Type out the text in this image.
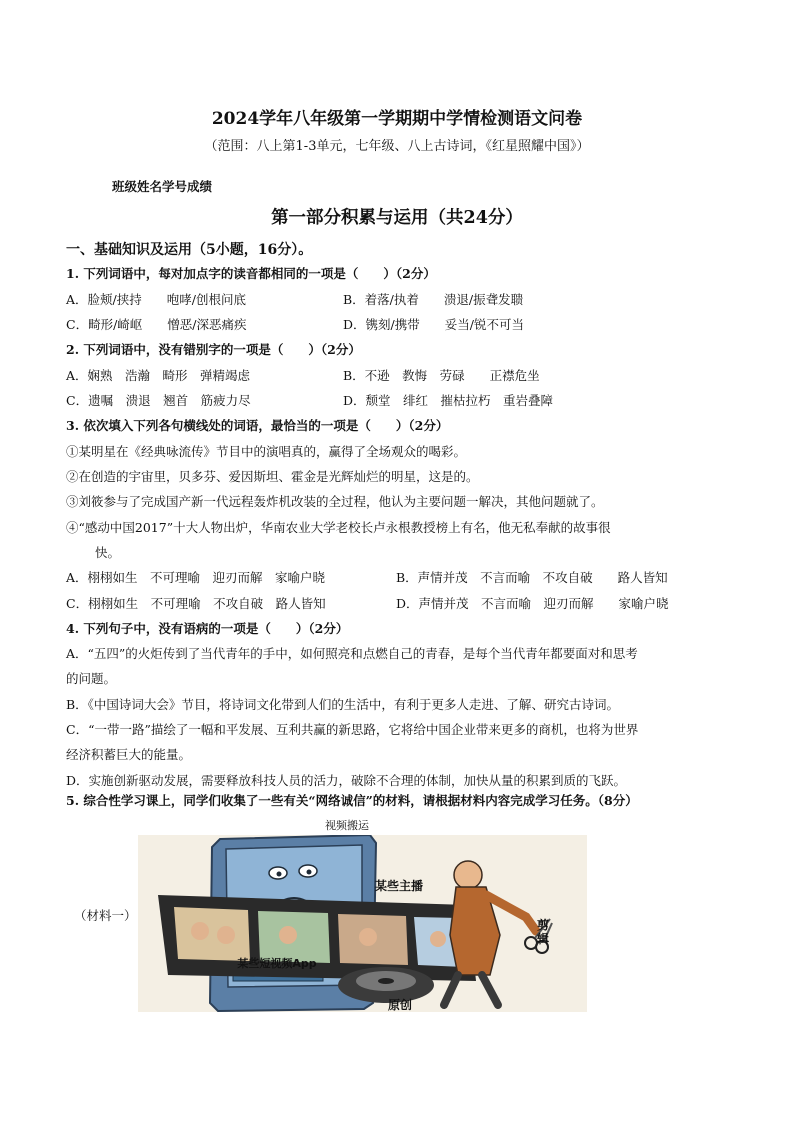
2024学年八年级第一学期期中学情检测语文问卷
（范围：八上第1-3单元，七年级、八上古诗词，《红星照耀中国》）
班级姓名学号成绩
第一部分积累与运用（共24分）
一、基础知识及运用（5小题，16分）。
1. 下列词语中，每对加点字的读音都相同的一项是（　　）（2分）
A．脸颊/挟持　　咆哮/创根问底	B．着落/执着　　溃退/振聋发聩
C．畸形/崎岖　　憎恶/深恶痛疾	D．镌刻/携带　　妥当/锐不可当
2. 下列词语中，没有错别字的一项是（　　）（2分）
A．娴熟　浩瀚　畸形　弹精竭虑	B．不逊　教悔　劳碌　　正襟危坐
C．遗嘱　溃退　翘首　筋疲力尽	D．颓堂　绯红　摧枯拉朽　重岩叠障
3. 依次填入下列各句横线处的词语，最恰当的一项是（　　）（2分）
①某明星在《经典咏流传》节目中的演唱真的，赢得了全场观众的喝彩。
②在创造的宇宙里，贝多芬、爱因斯坦、霍金是光辉灿烂的明星，这是的。
③刘筱参与了完成国产新一代远程轰炸机改装的全过程，他认为主要问题一解决，其他问题就了。
④“感动中国2017”十大人物出炉，华南农业大学老校长卢永根教授榜上有名，他无私奉献的故事很
快。
A．栩栩如生　不可理喻　迎刃而解　家喻户晓	B．声情并茂　不言而喻　不攻自破　　路人皆知
C．栩栩如生　不可理喻　不攻自破　路人皆知	D．声情并茂　不言而喻　迎刃而解　　家喻户晓
4. 下列句子中，没有语病的一项是（　　）（2分）
A．“五四”的火炬传到了当代青年的手中，如何照亮和点燃自己的青春，是每个当代青年都要面对和思考
的问题。
B．《中国诗词大会》节目，将诗词文化带到人们的生活中，有利于更多人走进、了解、研究古诗词。
C．“一带一路”描绘了一幅和平发展、互利共赢的新思路，它将给中国企业带来更多的商机，也将为世界
经济积蓄巨大的能量。
D．实施创新驱动发展，需要释放科技人员的活力，破除不合理的体制，加快从量的积累到质的飞跃。
5. 综合性学习课上，同学们收集了一些有关“网络诚信”的材料，请根据材料内容完成学习任务。（8分）
（材料一）
视频搬运
某些主播
剪辑
某些短视频App
原创
